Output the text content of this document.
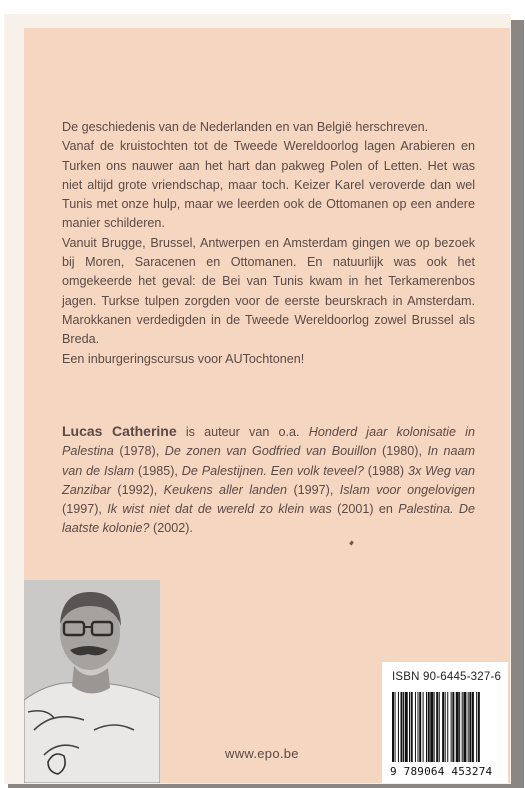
De geschiedenis van de Nederlanden en van België herschreven.

Vanaf de kruistochten tot de Tweede Wereldoorlog lagen Arabieren en Turken ons nauwer aan het hart dan pakweg Polen of Letten. Het was niet altijd grote vriendschap, maar toch. Keizer Karel veroverde dan wel Tunis met onze hulp, maar we leerden ook de Ottomanen op een andere manier schilderen.

Vanuit Brugge, Brussel, Antwerpen en Amsterdam gingen we op bezoek bij Moren, Saracenen en Ottomanen. En natuurlijk was ook het omgekeerde het geval: de Bei van Tunis kwam in het Terkamerenbos jagen. Turkse tulpen zorgden voor de eerste beurskrach in Amsterdam. Marokkanen verdedigden in de Tweede Wereldoorlog zowel Brussel als Breda.

Een inburgeringscursus voor AUTochtonen!

Lucas Catherine is auteur van o.a. Honderd jaar kolonisatie in Palestina (1978), De zonen van Godfried van Bouillon (1980), In naam van de Islam (1985), De Palestijnen. Een volk teveel? (1988) 3x Weg van Zanzibar (1992), Keukens aller landen (1997), Islam voor ongelovigen (1997), Ik wist niet dat de wereld zo klein was (2001) en Palestina. De laatste kolonie? (2002).
www.epo.be
ISBN 90-6445-327-6
9 789064 453274
